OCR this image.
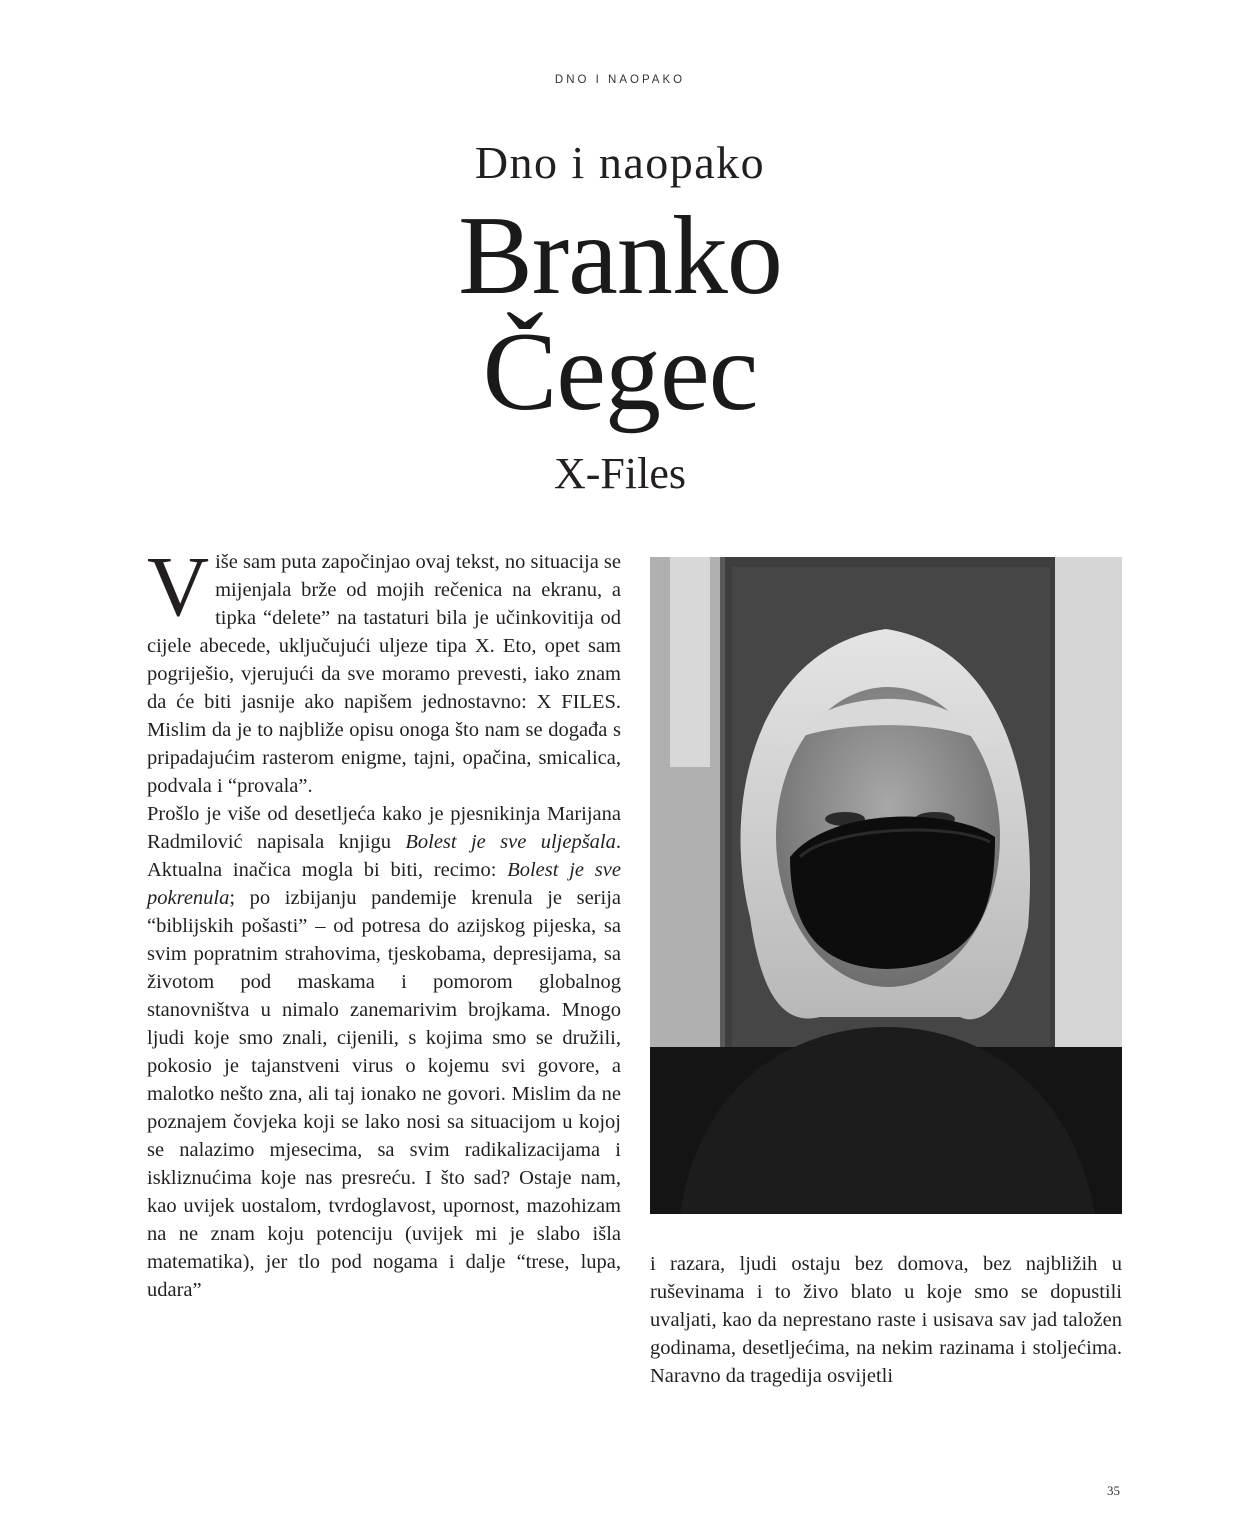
DNO I NAOPAKO
Dno i naopako
Branko
Čegec
X-Files

Više sam puta započinjao ovaj tekst, no situacija se mijenjala brže od mojih rečenica na ekranu, a tipka “delete” na tastaturi bila je učinkovitija od cijele abecede, uključujući uljeze tipa X. Eto, opet sam pogriješio, vjerujući da sve moramo prevesti, iako znam da će biti jasnije ako napišem jednostavno: X FILES. Mislim da je to najbliže opisu onoga što nam se događa s pripadajućim rasterom enigme, tajni, opačina, smicalica, podvala i “provala”.

Prošlo je više od desetljeća kako je pjesnikinja Marijana Radmilović napisala knjigu Bolest je sve uljepšala. Aktualna inačica mogla bi biti, recimo: Bolest je sve pokrenula; po izbijanju pandemije krenula je serija “biblijskih pošasti” – od potresa do azijskog pijeska, sa svim popratnim strahovima, tjeskobama, depresijama, sa životom pod maskama i pomorom globalnog stanovništva u nimalo zanemarivim brojkama. Mnogo ljudi koje smo znali, cijenili, s kojima smo se družili, pokosio je tajanstveni virus o kojemu svi govore, a malotko nešto zna, ali taj ionako ne govori. Mislim da ne poznajem čovjeka koji se lako nosi sa situacijom u kojoj se nalazimo mjesecima, sa svim radikalizacijama i iskliznućima koje nas presreću. I što sad? Ostaje nam, kao uvijek uostalom, tvrdoglavost, upornost, mazohizam na ne znam koju potenciju (uvijek mi je slabo išla matematika), jer tlo pod nogama i dalje “trese, lupa, udara”

i razara, ljudi ostaju bez domova, bez najbližih u ruševinama i to živo blato u koje smo se dopustili uvaljati, kao da neprestano raste i usisava sav jad taložen godinama, desetljećima, na nekim razinama i stoljećima. Naravno da tragedija osvijetli

35
